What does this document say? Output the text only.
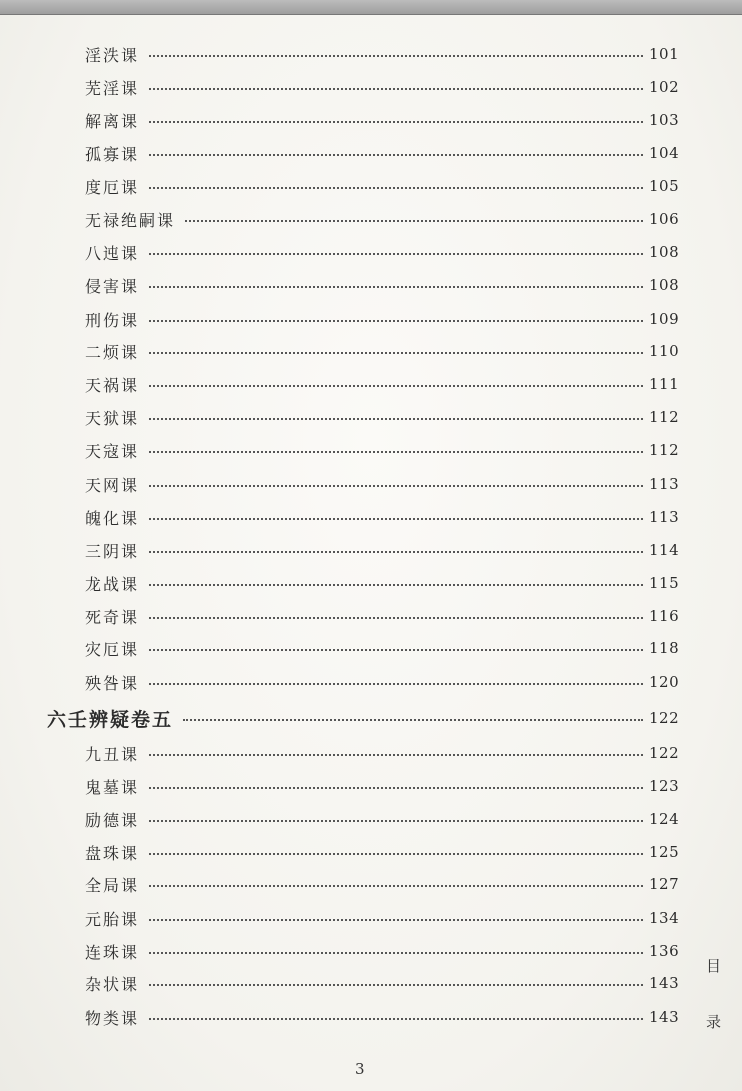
淫泆课	101
芜淫课	102
解离课	103
孤寡课	104
度厄课	105
无禄绝嗣课	106
八迍课	108
侵害课	108
刑伤课	109
二烦课	110
天祸课	111
天狱课	112
天寇课	112
天网课	113
魄化课	113
三阴课	114
龙战课	115
死奇课	116
灾厄课	118
殃咎课	120
六壬辨疑卷五	122
九丑课	122
鬼墓课	123
励德课	124
盘珠课	125
全局课	127
元胎课	134
连珠课	136
杂状课	143
物类课	143
目
录
3
